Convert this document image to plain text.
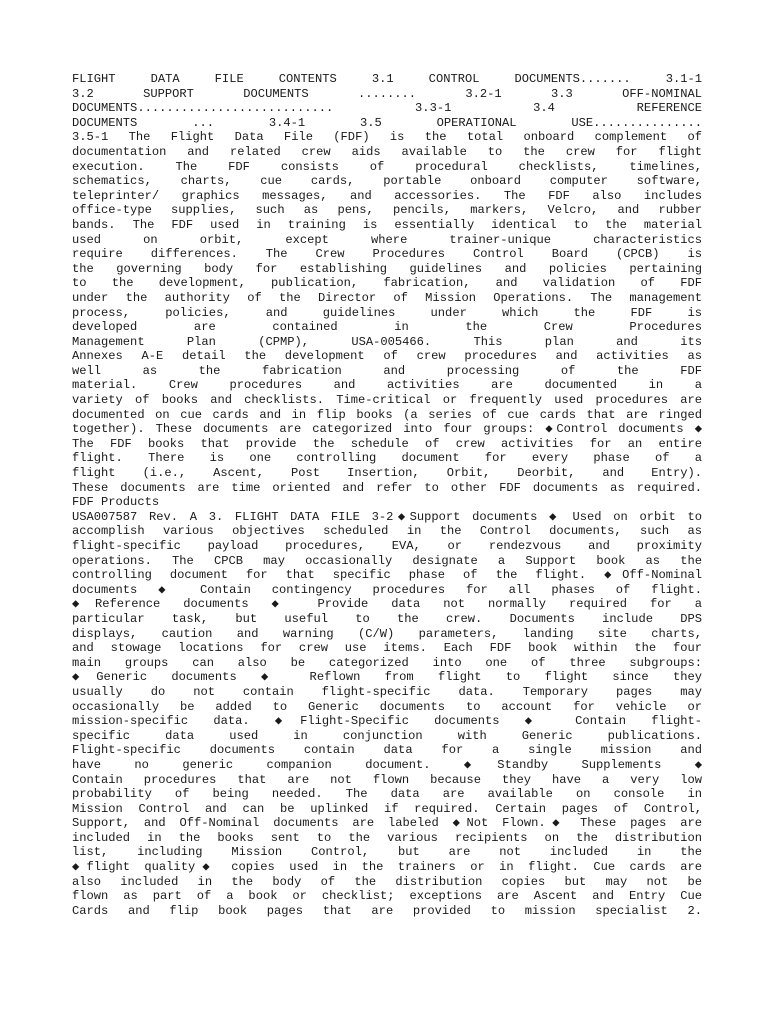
FLIGHT DATA FILE CONTENTS 3.1 CONTROL DOCUMENTS....... 3.1-1
3.2 SUPPORT DOCUMENTS ........ 3.2-1 3.3 OFF-NOMINAL
DOCUMENTS........................... 3.3-1 3.4 REFERENCE
DOCUMENTS ... 3.4-1 3.5 OPERATIONAL USE...............
3.5-1 The Flight Data File (FDF) is the total onboard complement of
documentation and related crew aids available to the crew for flight
execution. The FDF consists of procedural checklists, timelines,
schematics, charts, cue cards, portable onboard computer software,
teleprinter/ graphics messages, and accessories. The FDF also includes
office-type supplies, such as pens, pencils, markers, Velcro, and rubber
bands. The FDF used in training is essentially identical to the material
used on orbit, except where trainer-unique characteristics
require differences. The Crew Procedures Control Board (CPCB) is
the governing body for establishing guidelines and policies pertaining
to the development, publication, fabrication, and validation of FDF
under the authority of the Director of Mission Operations. The management
process, policies, and guidelines under which the FDF is
developed are contained in the Crew Procedures
Management Plan (CPMP), USA-005466. This plan and its
Annexes A-E detail the development of crew procedures and activities as
well as the fabrication and processing of the FDF
material. Crew procedures and activities are documented in a
variety of books and checklists. Time-critical or frequently used procedures are
documented on cue cards and in flip books (a series of cue cards that are ringed
together). These documents are categorized into four groups: ◆Control documents ◆
The FDF books that provide the schedule of crew activities for an entire
flight. There is one controlling document for every phase of a
flight (i.e., Ascent, Post Insertion, Orbit, Deorbit, and Entry).
These documents are time oriented and refer to other FDF documents as required.
FDF Products
USA007587 Rev. A 3. FLIGHT DATA FILE 3-2◆Support documents ◆ Used on orbit to
accomplish various objectives scheduled in the Control documents, such as
flight-specific payload procedures, EVA, or rendezvous and proximity
operations. The CPCB may occasionally designate a Support book as the
controlling document for that specific phase of the flight. ◆Off-Nominal
documents ◆ Contain contingency procedures for all phases of flight.
◆Reference documents ◆ Provide data not normally required for a
particular task, but useful to the crew. Documents include DPS
displays, caution and warning (C/W) parameters, landing site charts,
and stowage locations for crew use items. Each FDF book within the four
main groups can also be categorized into one of three subgroups:
◆Generic documents ◆ Reflown from flight to flight since they
usually do not contain flight-specific data. Temporary pages may
occasionally be added to Generic documents to account for vehicle or
mission-specific data. ◆Flight-Specific documents ◆ Contain flight-
specific data used in conjunction with Generic publications.
Flight-specific documents contain data for a single mission and
have no generic companion document. ◆Standby Supplements ◆
Contain procedures that are not flown because they have a very low
probability of being needed. The data are available on console in
Mission Control and can be uplinked if required. Certain pages of Control,
Support, and Off-Nominal documents are labeled ◆Not Flown.◆ These pages are
included in the books sent to the various recipients on the distribution
list, including Mission Control, but are not included in the
◆flight quality◆ copies used in the trainers or in flight. Cue cards are
also included in the body of the distribution copies but may not be
flown as part of a book or checklist; exceptions are Ascent and Entry Cue
Cards and flip book pages that are provided to mission specialist 2.
